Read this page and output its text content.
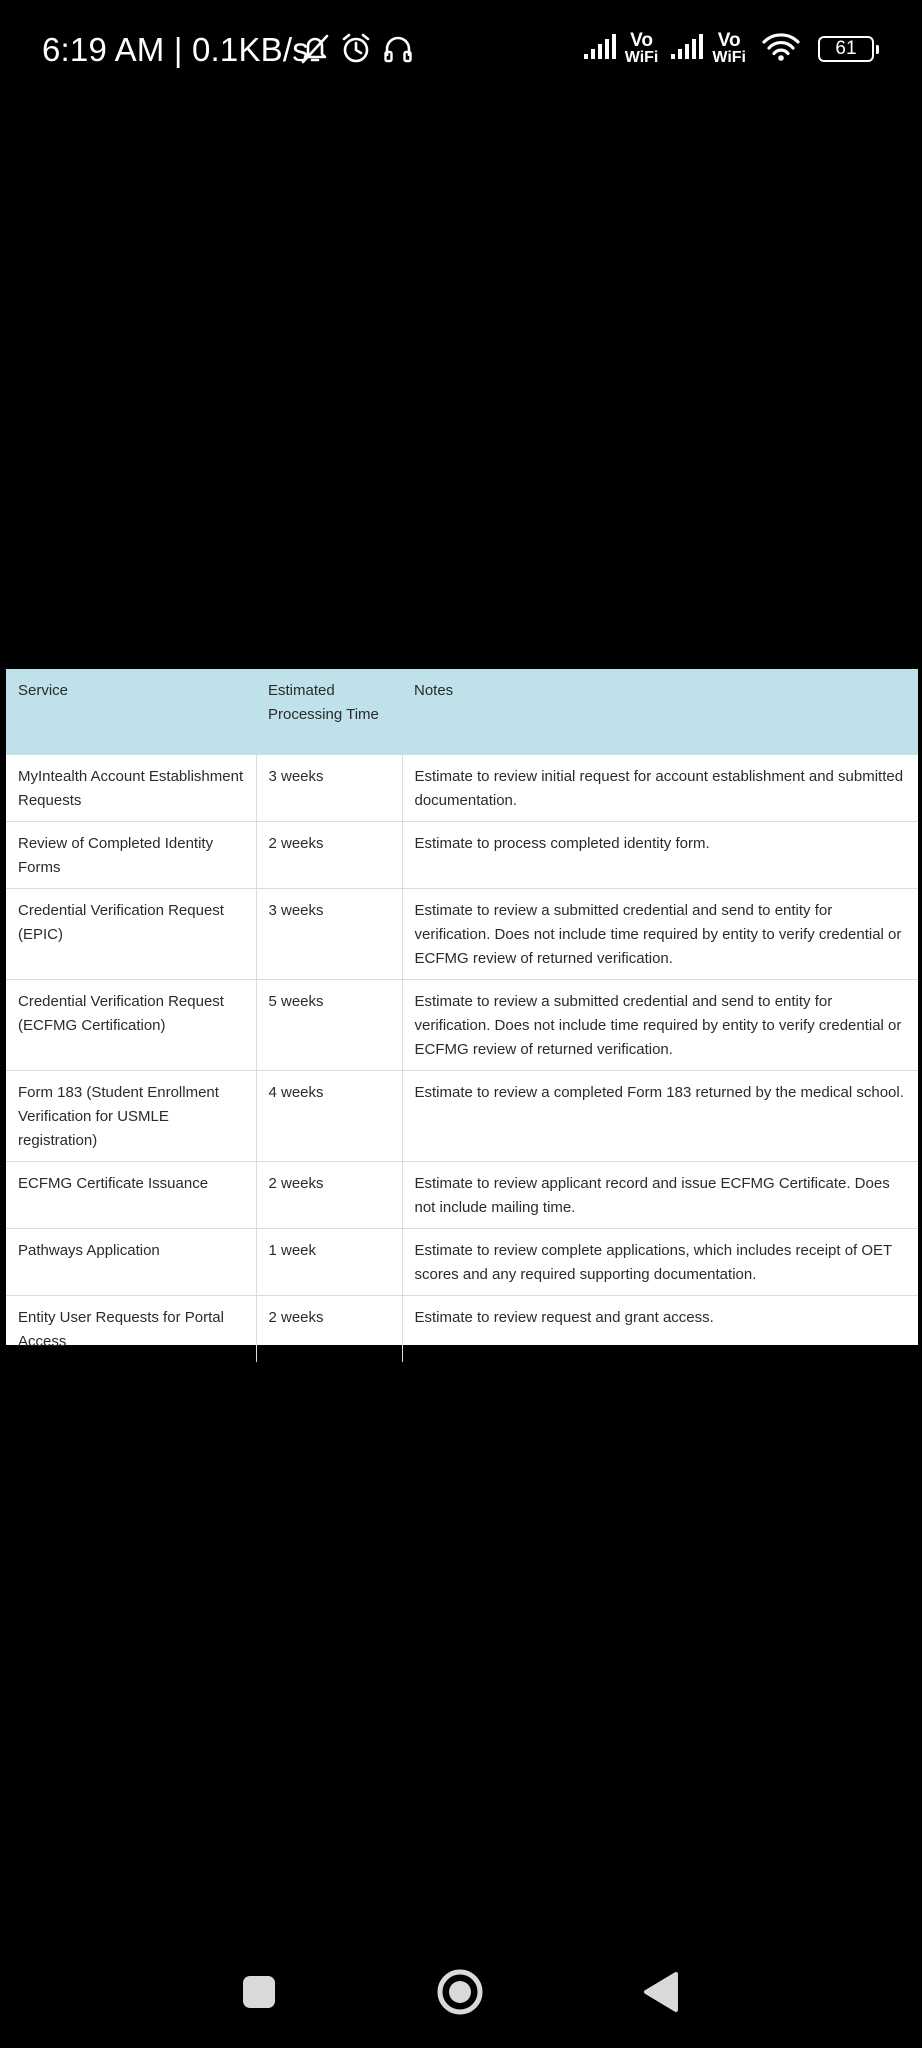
6:19 AM | 0.1KB/s	Vo
WiFi
Vo
WiFi	61
Service	Estimated Processing Time	Notes
MyIntealth Account Establishment Requests	3 weeks	Estimate to review initial request for account establishment and submitted documentation.
Review of Completed Identity Forms	2 weeks	Estimate to process completed identity form.
Credential Verification Request (EPIC)	3 weeks	Estimate to review a submitted credential and send to entity for verification. Does not include time required by entity to verify credential or ECFMG review of returned verification.
Credential Verification Request (ECFMG Certification)	5 weeks	Estimate to review a submitted credential and send to entity for verification. Does not include time required by entity to verify credential or ECFMG review of returned verification.
Form 183 (Student Enrollment Verification for USMLE registration)	4 weeks	Estimate to review a completed Form 183 returned by the medical school.
ECFMG Certificate Issuance	2 weeks	Estimate to review applicant record and issue ECFMG Certificate. Does not include mailing time.
Pathways Application	1 week	Estimate to review complete applications, which includes receipt of OET scores and any required supporting documentation.
Entity User Requests for Portal Access	2 weeks	Estimate to review request and grant access.
